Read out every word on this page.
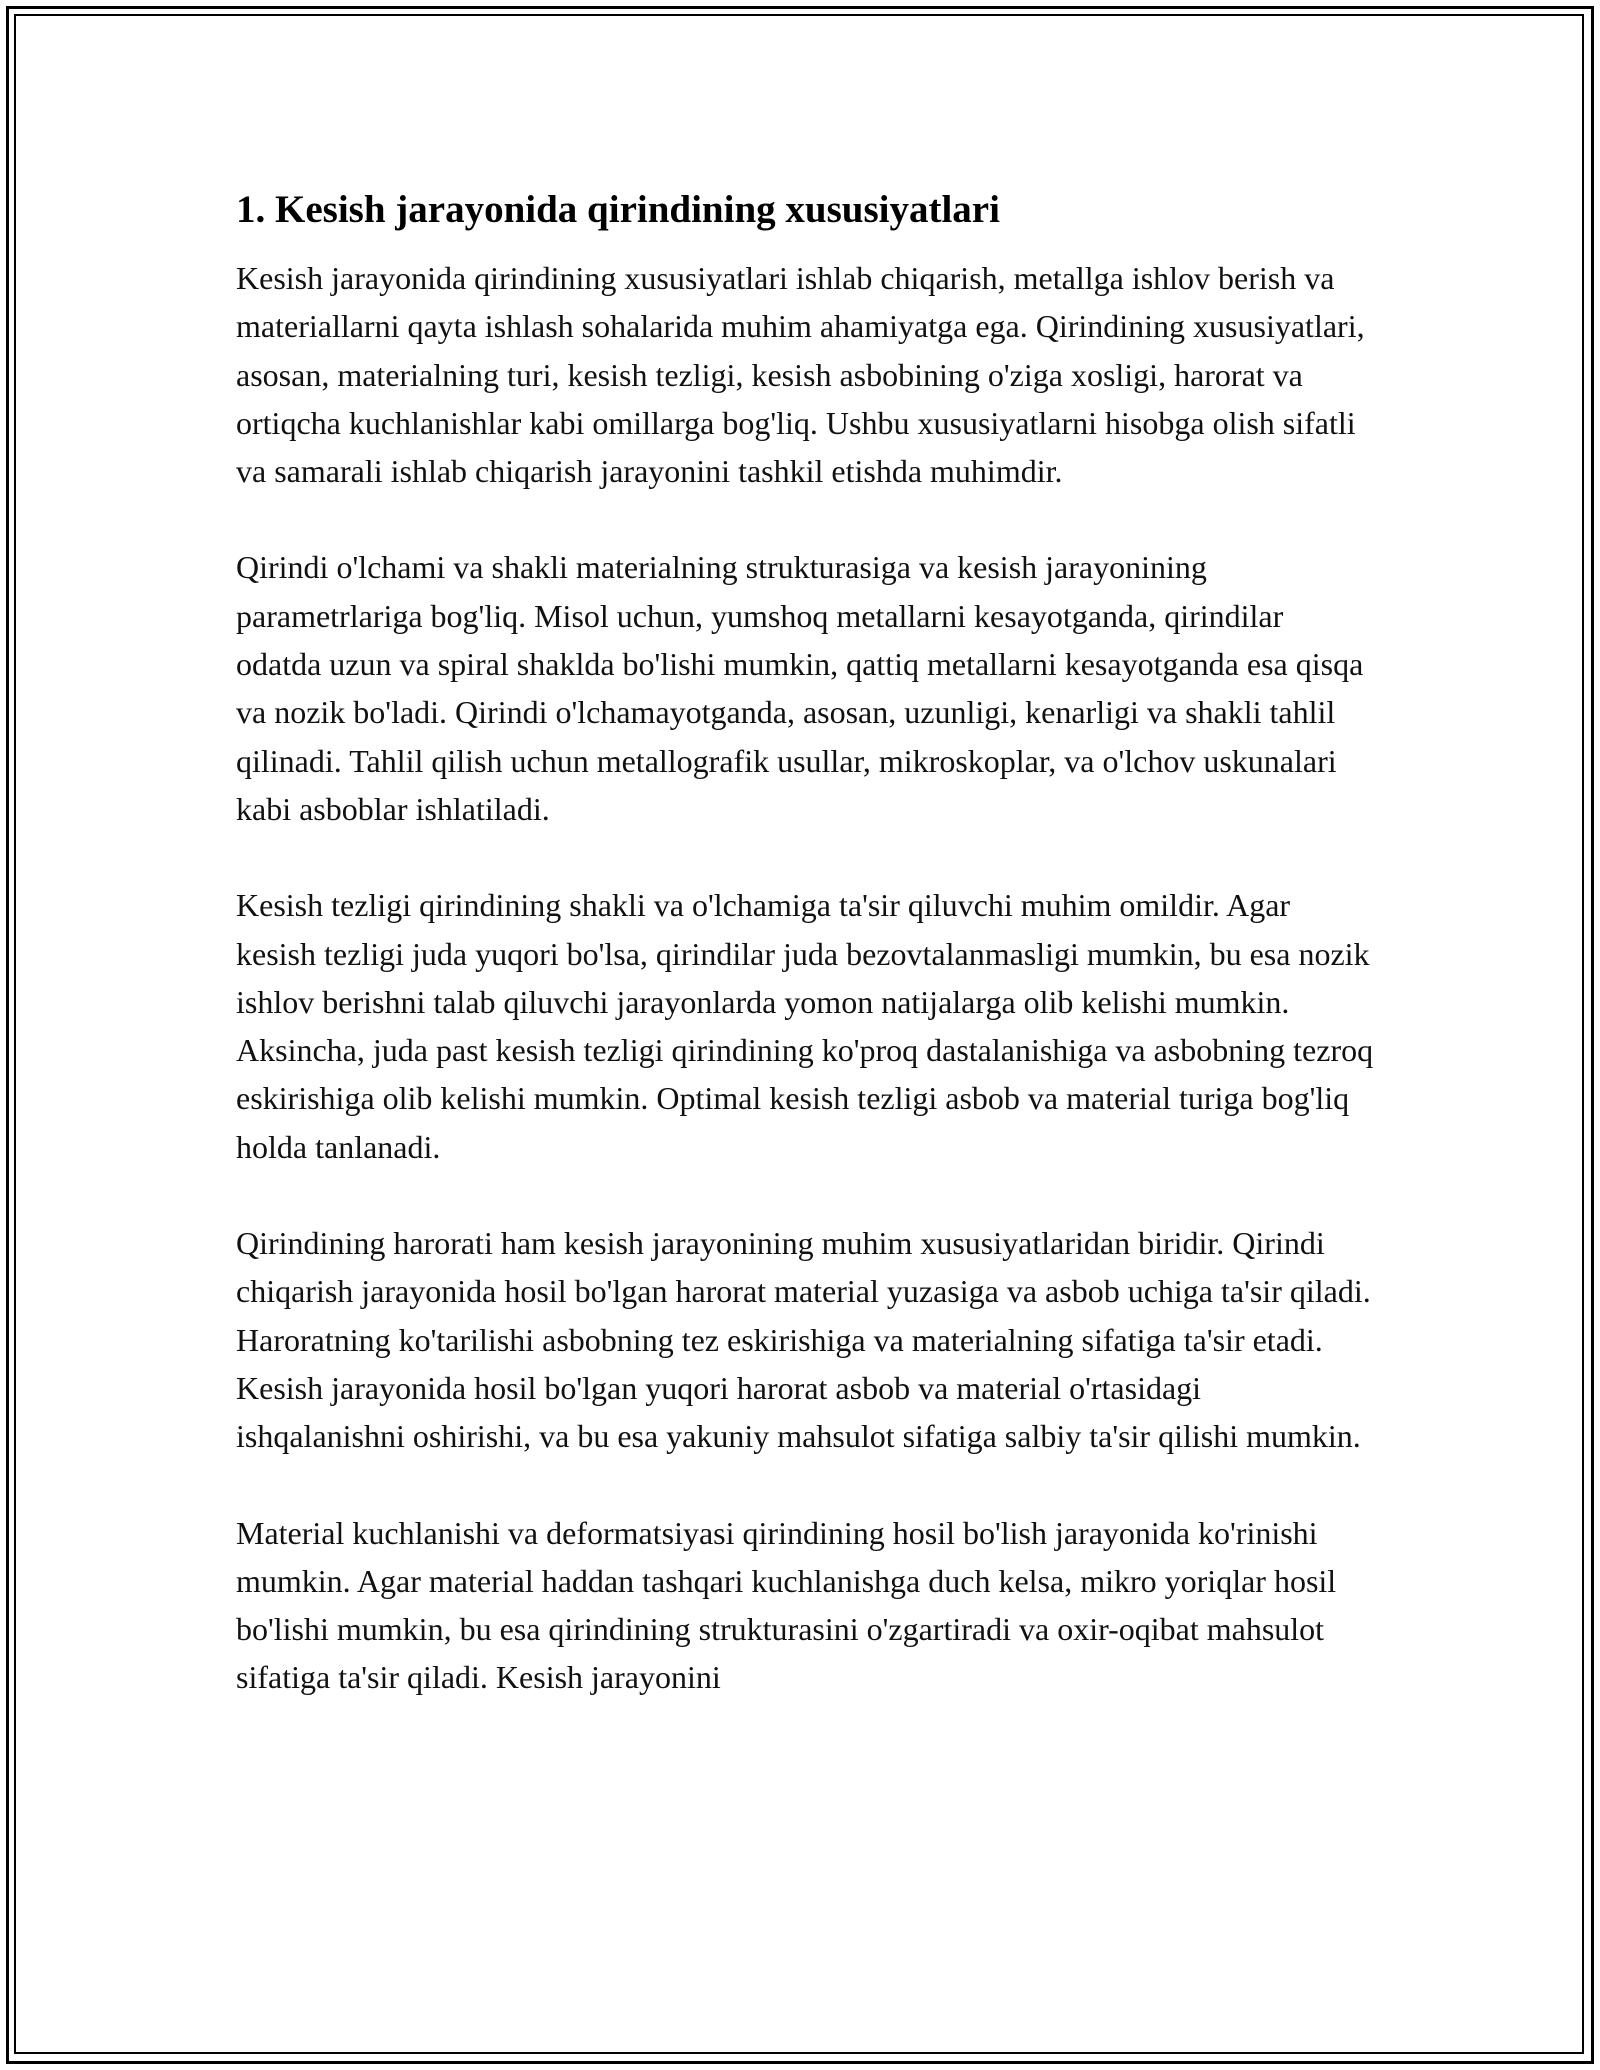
1. Kesish jarayonida qirindining xususiyatlari

Kesish jarayonida qirindining xususiyatlari ishlab chiqarish, metallga ishlov berish va materiallarni qayta ishlash sohalarida muhim ahamiyatga ega. Qirindining xususiyatlari, asosan, materialning turi, kesish tezligi, kesish asbobining o'ziga xosligi, harorat va ortiqcha kuchlanishlar kabi omillarga bog'liq. Ushbu xususiyatlarni hisobga olish sifatli va samarali ishlab chiqarish jarayonini tashkil etishda muhimdir.

Qirindi o'lchami va shakli materialning strukturasiga va kesish jarayonining parametrlariga bog'liq. Misol uchun, yumshoq metallarni kesayotganda, qirindilar odatda uzun va spiral shaklda bo'lishi mumkin, qattiq metallarni kesayotganda esa qisqa va nozik bo'ladi. Qirindi o'lchamayotganda, asosan, uzunligi, kenarligi va shakli tahlil qilinadi. Tahlil qilish uchun metallografik usullar, mikroskoplar, va o'lchov uskunalari kabi asboblar ishlatiladi.

Kesish tezligi qirindining shakli va o'lchamiga ta'sir qiluvchi muhim omildir. Agar kesish tezligi juda yuqori bo'lsa, qirindilar juda bezovtalanmasligi mumkin, bu esa nozik ishlov berishni talab qiluvchi jarayonlarda yomon natijalarga olib kelishi mumkin. Aksincha, juda past kesish tezligi qirindining ko'proq dastalanishiga va asbobning tezroq eskirishiga olib kelishi mumkin. Optimal kesish tezligi asbob va material turiga bog'liq holda tanlanadi.

Qirindining harorati ham kesish jarayonining muhim xususiyatlaridan biridir. Qirindi chiqarish jarayonida hosil bo'lgan harorat material yuzasiga va asbob uchiga ta'sir qiladi. Haroratning ko'tarilishi asbobning tez eskirishiga va materialning sifatiga ta'sir etadi. Kesish jarayonida hosil bo'lgan yuqori harorat asbob va material o'rtasidagi ishqalanishni oshirishi, va bu esa yakuniy mahsulot sifatiga salbiy ta'sir qilishi mumkin.

Material kuchlanishi va deformatsiyasi qirindining hosil bo'lish jarayonida ko'rinishi mumkin. Agar material haddan tashqari kuchlanishga duch kelsa, mikro yoriqlar hosil bo'lishi mumkin, bu esa qirindining strukturasini o'zgartiradi va oxir-oqibat mahsulot sifatiga ta'sir qiladi. Kesish jarayonini
